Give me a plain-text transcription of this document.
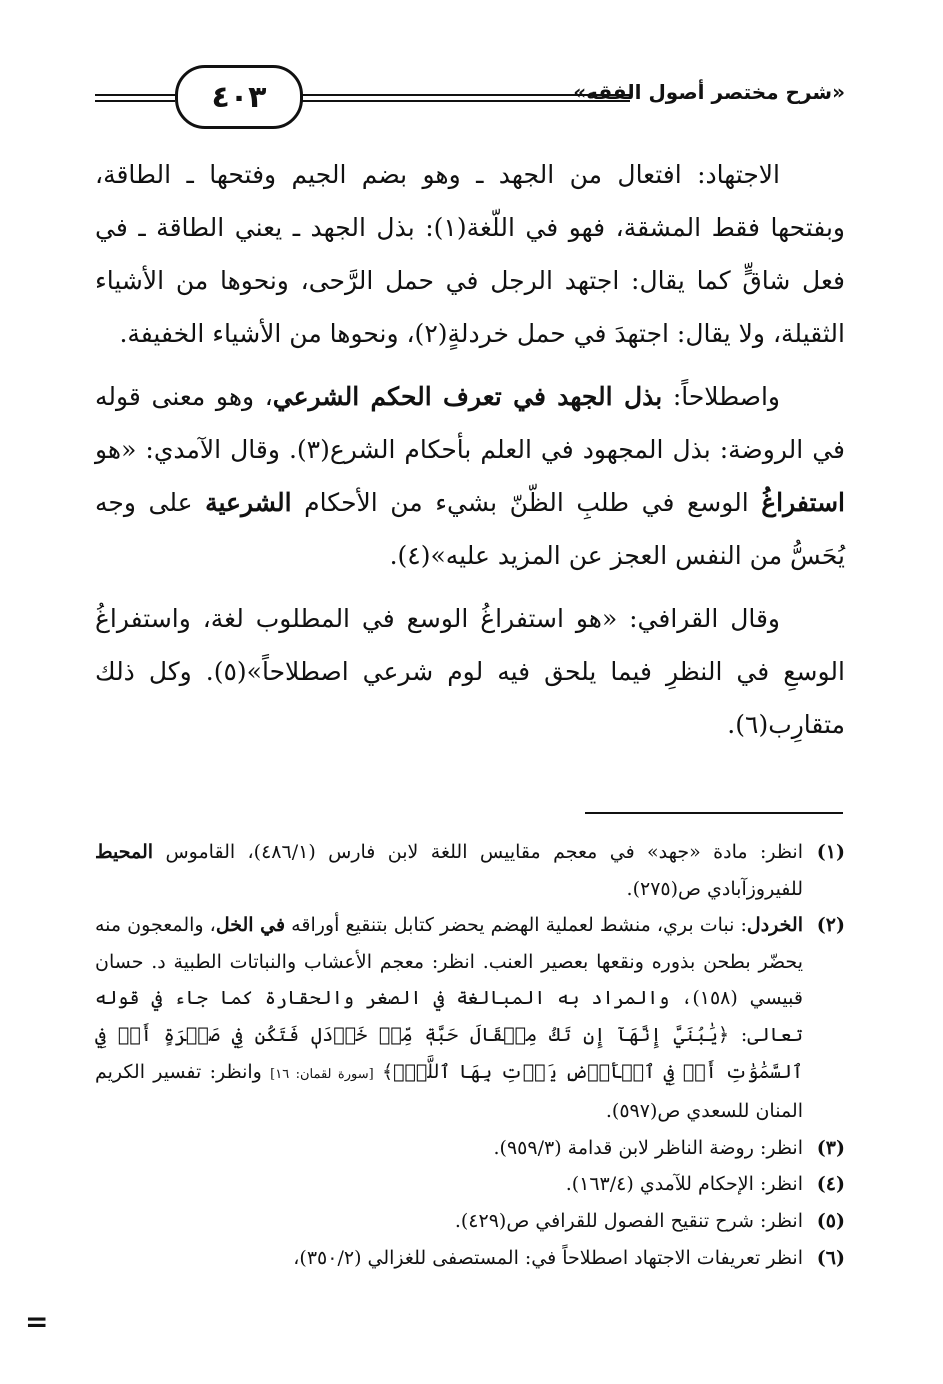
٤٠٣	«شرح مختصر أصول الفقه»

الاجتهاد: افتعال من الجهد ـ وهو بضم الجيم وفتحها ـ الطاقة، وبفتحها فقط المشقة، فهو في اللّغة(١): بذل الجهد ـ يعني الطاقة ـ في فعل شاقٍّ كما يقال: اجتهد الرجل في حمل الرَّحى، ونحوها من الأشياء الثقيلة، ولا يقال: اجتهدَ في حمل خردلةٍ(٢)، ونحوها من الأشياء الخفيفة.

واصطلاحاً: بذل الجهد في تعرف الحكم الشرعي، وهو معنى قوله في الروضة: بذل المجهود في العلم بأحكام الشرع(٣). وقال الآمدي: «هو استفراغُ الوسع في طلبِ الظّنّ بشيء من الأحكام الشرعية على وجه يُحَسُّ من النفس العجز عن المزيد عليه»(٤).

وقال القرافي: «هو استفراغُ الوسع في المطلوب لغة، واستفراغُ الوسعِ في النظرِ فيما يلحق فيه لوم شرعي اصطلاحاً»(٥). وكل ذلك متقارِب(٦).

(١)
انظر: مادة «جهد» في معجم مقاييس اللغة لابن فارس (٤٨٦/١)، القاموس المحيط للفيروزآبادي ص(٢٧٥).
(٢)
الخردل: نبات بري، منشط لعملية الهضم يحضر كتابل بتنقيع أوراقه في الخل، والمعجون منه يحضّر بطحن بذوره ونقعها بعصير العنب. انظر: معجم الأعشاب والنباتات الطبية د. حسان قبيسي (١٥٨)، والمراد به المبالغة في الصغر والحقارة كما جاء في قوله تعالى: ﴿يَٰبُنَيَّ إِنَّهَآ إِن تَكُ مِثۡقَالَ حَبَّةٖ مِّنۡ خَرۡدَلٖ فَتَكُن فِي صَخۡرَةٍ أَوۡ فِي ٱلسَّمَٰوَٰتِ أَوۡ فِي ٱلۡأَرۡضِ يَأۡتِ بِهَا ٱللَّهُۚ﴾ [سورة لقمان: ١٦] وانظر: تفسير الكريم المنان للسعدي ص(٥٩٧).
(٣)
انظر: روضة الناظر لابن قدامة (٩٥٩/٣).
(٤)
انظر: الإحكام للآمدي (١٦٣/٤).
(٥)
انظر: شرح تنقيح الفصول للقرافي ص(٤٢٩).
(٦)
انظر تعريفات الاجتهاد اصطلاحاً في: المستصفى للغزالي (٣٥٠/٢)،
=
